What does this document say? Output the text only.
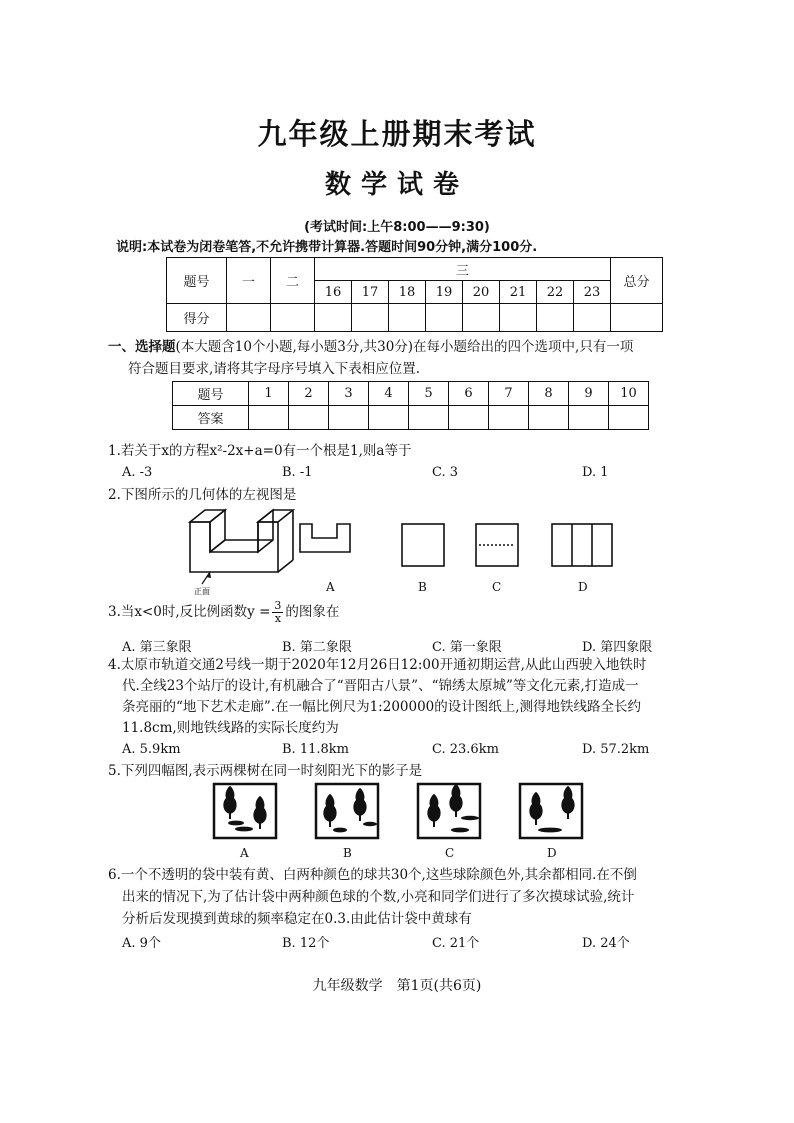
九年级上册期末考试
数学试卷
(考试时间:上午8:00——9:30)
说明:本试卷为闭卷笔答,不允许携带计算器.答题时间90分钟,满分100分.
题号	一	二	三								总分
			16	17	18	19	20	21	22	23	
得分											
一、选择题(本大题含10个小题,每小题3分,共30分)在每小题给出的四个选项中,只有一项
符合题目要求,请将其字母序号填入下表相应位置.
题号	1	2	3	4	5	6	7	8	9	10
答案										
1.若关于x的方程x²-2x+a=0有一个根是1,则a等于
A. -3	B. -1	C. 3	D. 1
2.下图所示的几何体的左视图是
正面	A	B	C	D
3.当x<0时,反比例函数$y = \frac{3}{x}$ 的图象在
A. 第三象限	B. 第二象限	C. 第一象限	D. 第四象限
4.太原市轨道交通2号线一期于2020年12月26日12:00开通初期运营,从此山西驶入地铁时
代.全线23个站厅的设计,有机融合了“晋阳古八景”、“锦绣太原城”等文化元素,打造成一
条亮丽的“地下艺术走廊”.在一幅比例尺为1:200000的设计图纸上,测得地铁线路全长约
11.8cm,则地铁线路的实际长度约为
A. 5.9km	B. 11.8km	C. 23.6km	D. 57.2km
5.下列四幅图,表示两棵树在同一时刻阳光下的影子是
A	B	C	D
6.一个不透明的袋中装有黄、白两种颜色的球共30个,这些球除颜色外,其余都相同.在不倒
出来的情况下,为了估计袋中两种颜色球的个数,小亮和同学们进行了多次摸球试验,统计
分析后发现摸到黄球的频率稳定在0.3.由此估计袋中黄球有
A. 9个	B. 12个	C. 21个	D. 24个
九年级数学　第1页(共6页)
